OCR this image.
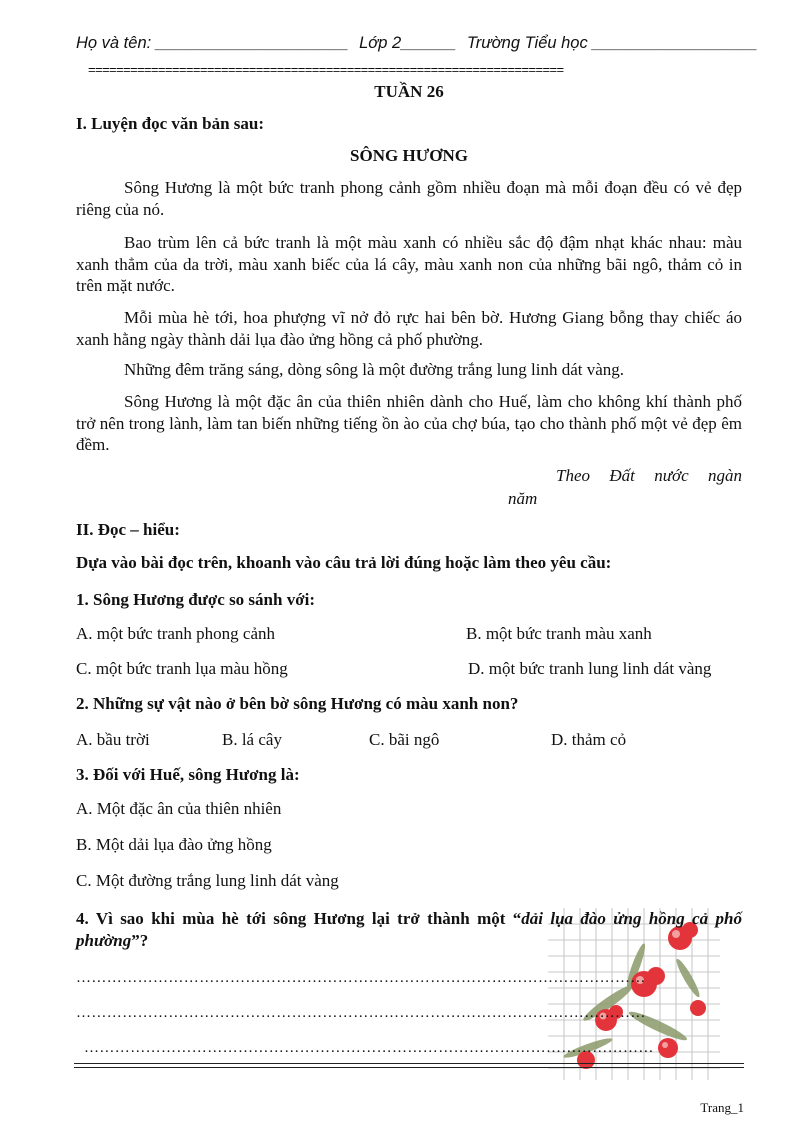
Họ và tên: _____________________ Lớp 2______ Trường Tiểu học __________________
====================================================================
TUẦN 26
I. Luyện đọc văn bản sau:
SÔNG HƯƠNG

Sông Hương là một bức tranh phong cảnh gồm nhiều đoạn mà mỗi đoạn đều có vẻ đẹp riêng của nó.

Bao trùm lên cả bức tranh là một màu xanh có nhiều sắc độ đậm nhạt khác nhau: màu xanh thẳm của da trời, màu xanh biếc của lá cây, màu xanh non của những bãi ngô, thảm cỏ in trên mặt nước.

Mỗi mùa hè tới, hoa phượng vĩ nở đỏ rực hai bên bờ. Hương Giang bỗng thay chiếc áo xanh hằng ngày thành dải lụa đào ửng hồng cả phố phường.

Những đêm trăng sáng, dòng sông là một đường trắng lung linh dát vàng.

Sông Hương là một đặc ân của thiên nhiên dành cho Huế, làm cho không khí thành phố trở nên trong lành, làm tan biến những tiếng ồn ào của chợ búa, tạo cho thành phố một vẻ đẹp êm đềm.

Theo Đất nước ngàn
năm
II. Đọc – hiểu:
Dựa vào bài đọc trên, khoanh vào câu trả lời đúng hoặc làm theo yêu cầu:
1. Sông Hương được so sánh với:
A. một bức tranh phong cảnh	B. một bức tranh màu xanh
C. một bức tranh lụa màu hồng	D. một bức tranh lung linh dát vàng
2. Những sự vật nào ở bên bờ sông Hương có màu xanh non?
A. bầu trời	B. lá cây	C. bãi ngô	D. thảm cỏ
3. Đối với Huế, sông Hương là:
A. Một đặc ân của thiên nhiên
B. Một dải lụa đào ửng hồng
C. Một đường trắng lung linh dát vàng
4. Vì sao khi mùa hè tới sông Hương lại trở thành một “dải lụa đào ửng hồng cả phố
phường”?
…………………………………………………………………………………………………
…………………………………………………………………………………………………
…………………………………………………………………………………………………
Trang_1
